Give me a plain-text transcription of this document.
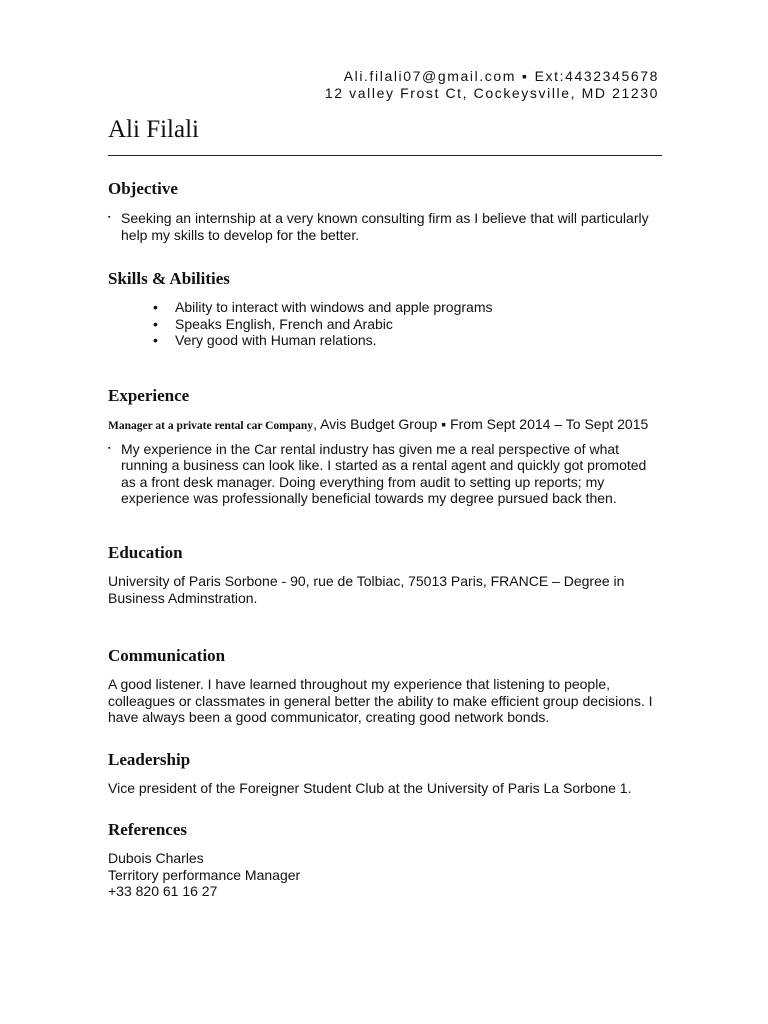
Ali.filali07@gmail.com ▪ Ext:4432345678
12 valley Frost Ct, Cockeysville, MD 21230
Ali Filali
Objective
▪ Seeking an internship at a very known consulting firm as I believe that will particularly help my skills to develop for the better.
Skills & Abilities
• Ability to interact with windows and apple programs
• Speaks English, French and Arabic
• Very good with Human relations.
Experience

Manager at a private rental car Company, Avis Budget Group ▪ From Sept 2014 – To Sept 2015

▪ My experience in the Car rental industry has given me a real perspective of what running a business can look like. I started as a rental agent and quickly got promoted as a front desk manager. Doing everything from audit to setting up reports; my experience was professionally beneficial towards my degree pursued back then.
Education

University of Paris Sorbone - 90, rue de Tolbiac, 75013 Paris, FRANCE – Degree in Business Adminstration.

Communication

A good listener. I have learned throughout my experience that listening to people, colleagues or classmates in general better the ability to make efficient group decisions. I have always been a good communicator, creating good network bonds.

Leadership

Vice president of the Foreigner Student Club at the University of Paris La Sorbone 1.

References

Dubois Charles

Territory performance Manager

+33 820 61 16 27
